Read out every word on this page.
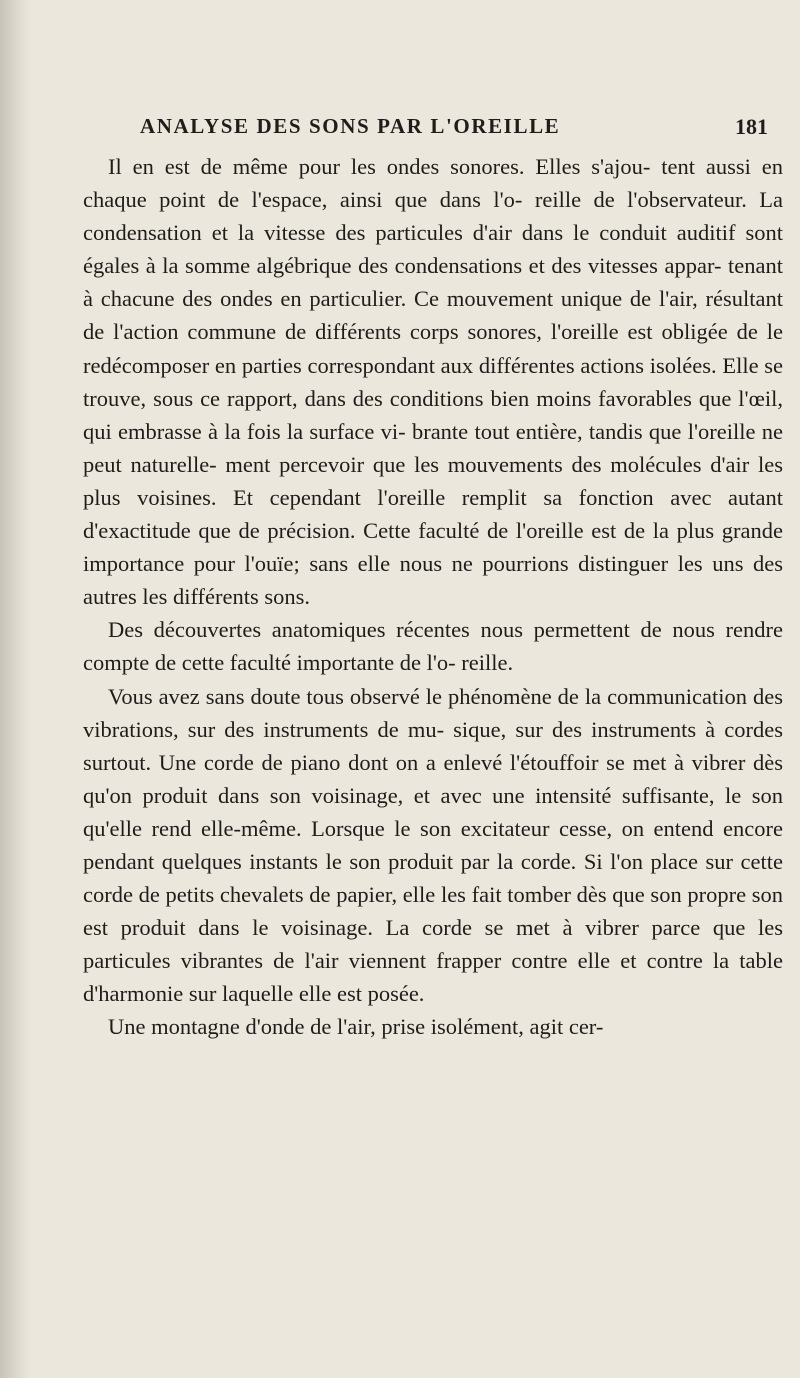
ANALYSE DES SONS PAR L'OREILLE	181

Il en est de même pour les ondes sonores. Elles s'ajou- tent aussi en chaque point de l'espace, ainsi que dans l'o- reille de l'observateur. La condensation et la vitesse des particules d'air dans le conduit auditif sont égales à la somme algébrique des condensations et des vitesses appar- tenant à chacune des ondes en particulier. Ce mouvement unique de l'air, résultant de l'action commune de différents corps sonores, l'oreille est obligée de le redécomposer en parties correspondant aux différentes actions isolées. Elle se trouve, sous ce rapport, dans des conditions bien moins favorables que l'œil, qui embrasse à la fois la surface vi- brante tout entière, tandis que l'oreille ne peut naturelle- ment percevoir que les mouvements des molécules d'air les plus voisines. Et cependant l'oreille remplit sa fonction avec autant d'exactitude que de précision. Cette faculté de l'oreille est de la plus grande importance pour l'ouïe; sans elle nous ne pourrions distinguer les uns des autres les différents sons.

Des découvertes anatomiques récentes nous permettent de nous rendre compte de cette faculté importante de l'o- reille.

Vous avez sans doute tous observé le phénomène de la communication des vibrations, sur des instruments de mu- sique, sur des instruments à cordes surtout. Une corde de piano dont on a enlevé l'étouffoir se met à vibrer dès qu'on produit dans son voisinage, et avec une intensité suffisante, le son qu'elle rend elle-même. Lorsque le son excitateur cesse, on entend encore pendant quelques instants le son produit par la corde. Si l'on place sur cette corde de petits chevalets de papier, elle les fait tomber dès que son propre son est produit dans le voisinage. La corde se met à vibrer parce que les particules vibrantes de l'air viennent frapper contre elle et contre la table d'harmonie sur laquelle elle est posée.

Une montagne d'onde de l'air, prise isolément, agit cer-
